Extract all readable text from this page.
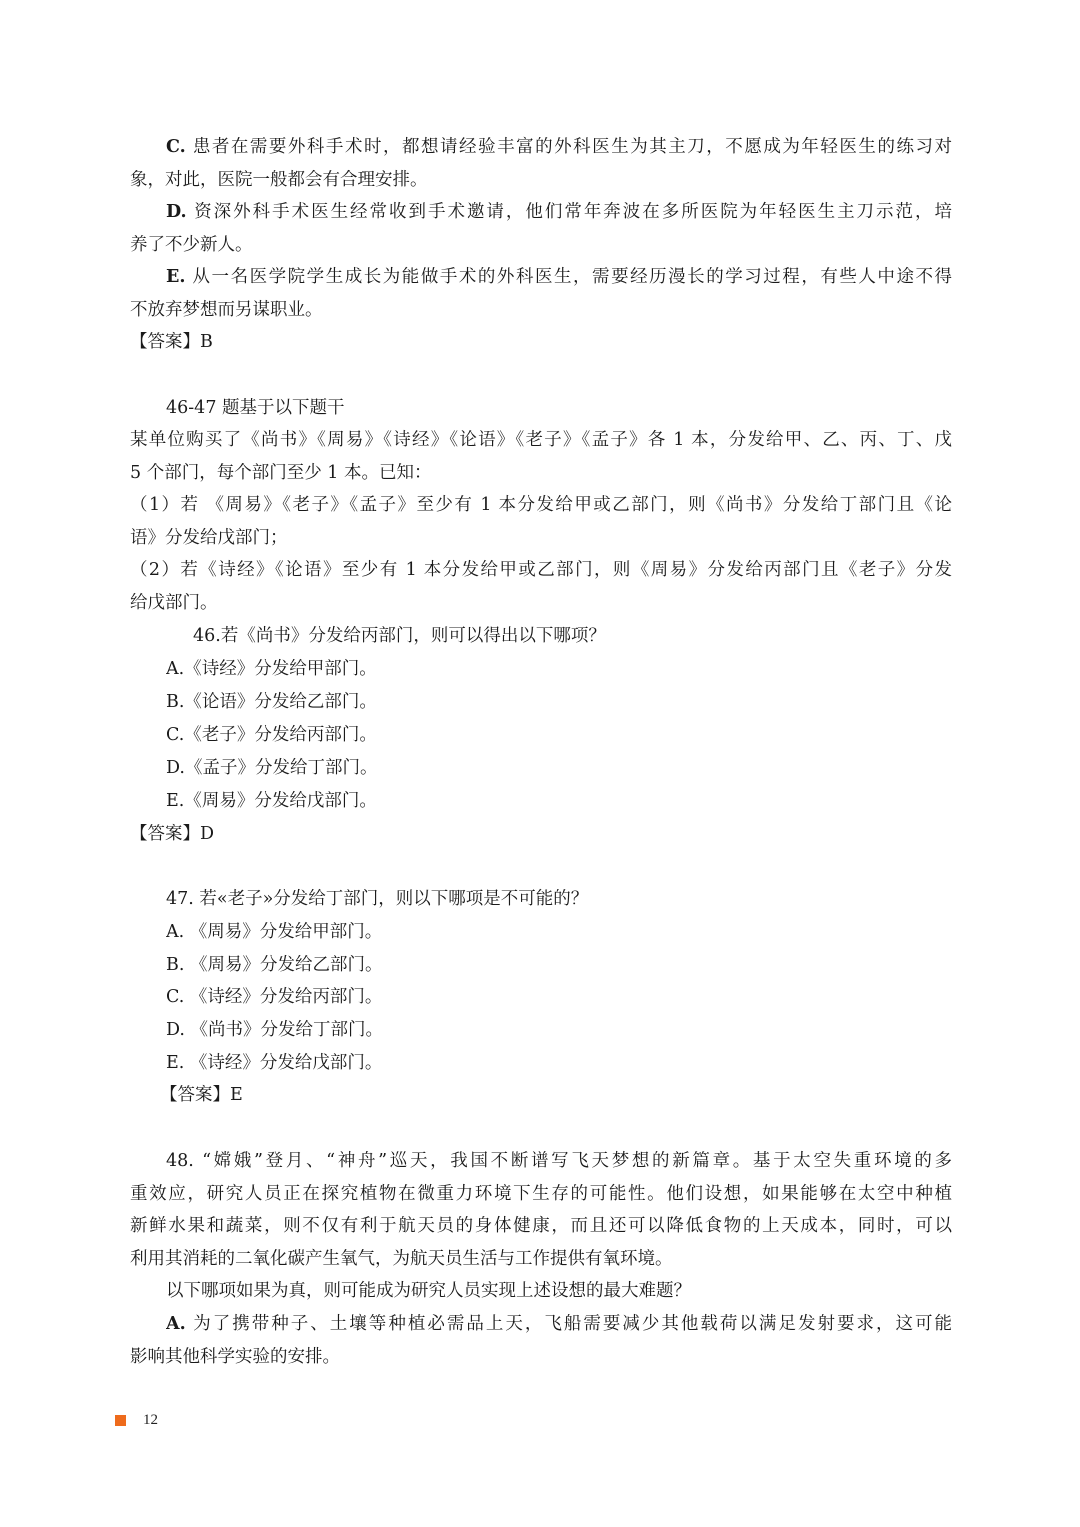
C. 患者在需要外科手术时，都想请经验丰富的外科医生为其主刀，不愿成为年轻医生的练习对
象，对此，医院一般都会有合理安排。
D. 资深外科手术医生经常收到手术邀请，他们常年奔波在多所医院为年轻医生主刀示范，培
养了不少新人。
E. 从一名医学院学生成长为能做手术的外科医生，需要经历漫长的学习过程，有些人中途不得
不放弃梦想而另谋职业。
【答案】B
46-47 题基于以下题干
某单位购买了《尚书》《周易》《诗经》《论语》《老子》《孟子》各 1 本，分发给甲、乙、丙、丁、戊
5 个部门，每个部门至少 1 本。已知：
（1）若 《周易》《老子》《孟子》至少有 1 本分发给甲或乙部门，则《尚书》分发给丁部门且《论
语》分发给戊部门；
（2）若《诗经》《论语》至少有 1 本分发给甲或乙部门，则《周易》分发给丙部门且《老子》分发
给戊部门。
46.若《尚书》分发给丙部门，则可以得出以下哪项？
A.《诗经》分发给甲部门。
B.《论语》分发给乙部门。
C.《老子》分发给丙部门。
D.《孟子》分发给丁部门。
E.《周易》分发给戊部门。
【答案】D
47. 若«老子»分发给丁部门，则以下哪项是不可能的？
A. 《周易》分发给甲部门。
B. 《周易》分发给乙部门。
C. 《诗经》分发给丙部门。
D. 《尚书》分发给丁部门。
E. 《诗经》分发给戊部门。
【答案】E
48. “嫦娥”登月、“神舟”巡天，我国不断谱写飞天梦想的新篇章。基于太空失重环境的多
重效应，研究人员正在探究植物在微重力环境下生存的可能性。他们设想，如果能够在太空中种植
新鲜水果和蔬菜，则不仅有利于航天员的身体健康，而且还可以降低食物的上天成本，同时，可以
利用其消耗的二氧化碳产生氧气，为航天员生活与工作提供有氧环境。
以下哪项如果为真，则可能成为研究人员实现上述设想的最大难题？
A. 为了携带种子、土壤等种植必需品上天，飞船需要减少其他载荷以满足发射要求，这可能
影响其他科学实验的安排。
12
